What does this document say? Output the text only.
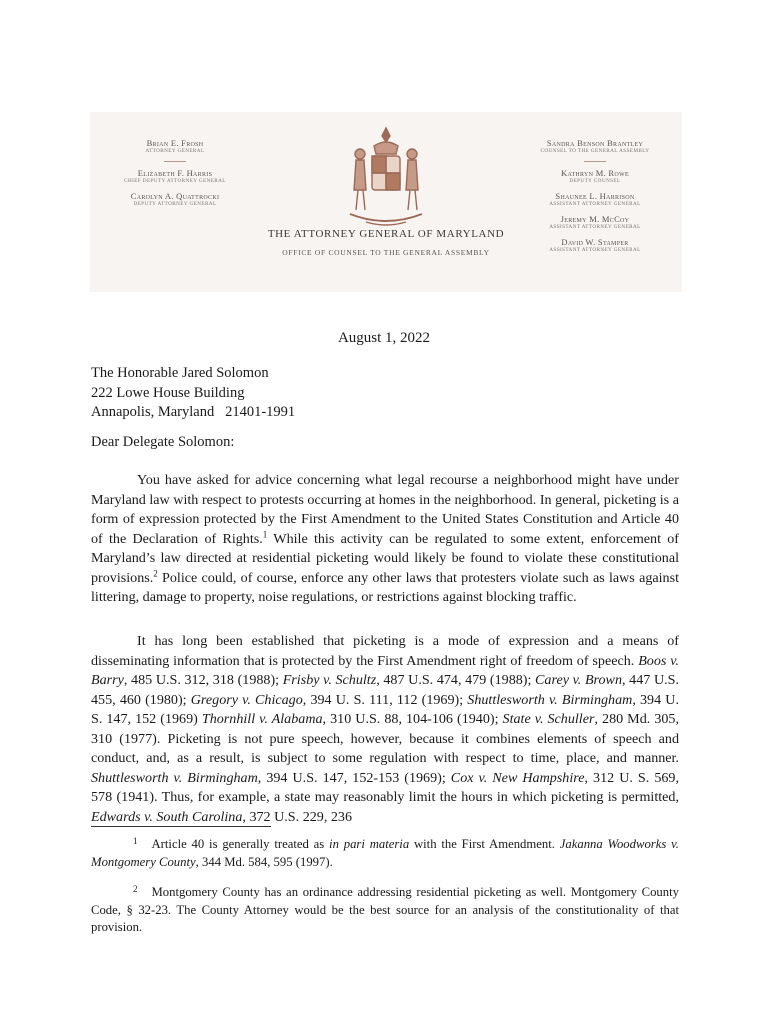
Brian E. Frosh
ATTORNEY GENERAL
Elizabeth F. Harris
CHIEF DEPUTY ATTORNEY GENERAL
Carolyn A. Quattrocki
DEPUTY ATTORNEY GENERAL
THE ATTORNEY GENERAL OF MARYLAND
OFFICE OF COUNSEL TO THE GENERAL ASSEMBLY
Sandra Benson Brantley
COUNSEL TO THE GENERAL ASSEMBLY
Kathryn M. Rowe
DEPUTY COUNSEL
Shaunee L. Harrison
ASSISTANT ATTORNEY GENERAL
Jeremy M. McCoy
ASSISTANT ATTORNEY GENERAL
David W. Stamper
ASSISTANT ATTORNEY GENERAL
August 1, 2022
The Honorable Jared Solomon
222 Lowe House Building
Annapolis, Maryland   21401-1991
Dear Delegate Solomon:

You have asked for advice concerning what legal recourse a neighborhood might have under Maryland law with respect to protests occurring at homes in the neighborhood. In general, picketing is a form of expression protected by the First Amendment to the United States Constitution and Article 40 of the Declaration of Rights.$^1$ While this activity can be regulated to some extent, enforcement of Maryland’s law directed at residential picketing would likely be found to violate these constitutional provisions.$^2$ Police could, of course, enforce any other laws that protesters violate such as laws against littering, damage to property, noise regulations, or restrictions against blocking traffic.

It has long been established that picketing is a mode of expression and a means of disseminating information that is protected by the First Amendment right of freedom of speech. Boos v. Barry, 485 U.S. 312, 318 (1988); Frisby v. Schultz, 487 U.S. 474, 479 (1988); Carey v. Brown, 447 U.S. 455, 460 (1980); Gregory v. Chicago, 394 U. S. 111, 112 (1969); Shuttlesworth v. Birmingham, 394 U. S. 147, 152 (1969) Thornhill v. Alabama, 310 U.S. 88, 104-106 (1940); State v. Schuller, 280 Md. 305, 310 (1977). Picketing is not pure speech, however, because it combines elements of speech and conduct, and, as a result, is subject to some regulation with respect to time, place, and manner. Shuttlesworth v. Birmingham, 394 U.S. 147, 152-153 (1969); Cox v. New Hampshire, 312 U. S. 569, 578 (1941). Thus, for example, a state may reasonably limit the hours in which picketing is permitted, Edwards v. South Carolina, 372 U.S. 229, 236

$^1$ Article 40 is generally treated as in pari materia with the First Amendment. Jakanna Woodworks v. Montgomery County, 344 Md. 584, 595 (1997).

$^2$ Montgomery County has an ordinance addressing residential picketing as well. Montgomery County Code, § 32-23. The County Attorney would be the best source for an analysis of the constitutionality of that provision.
